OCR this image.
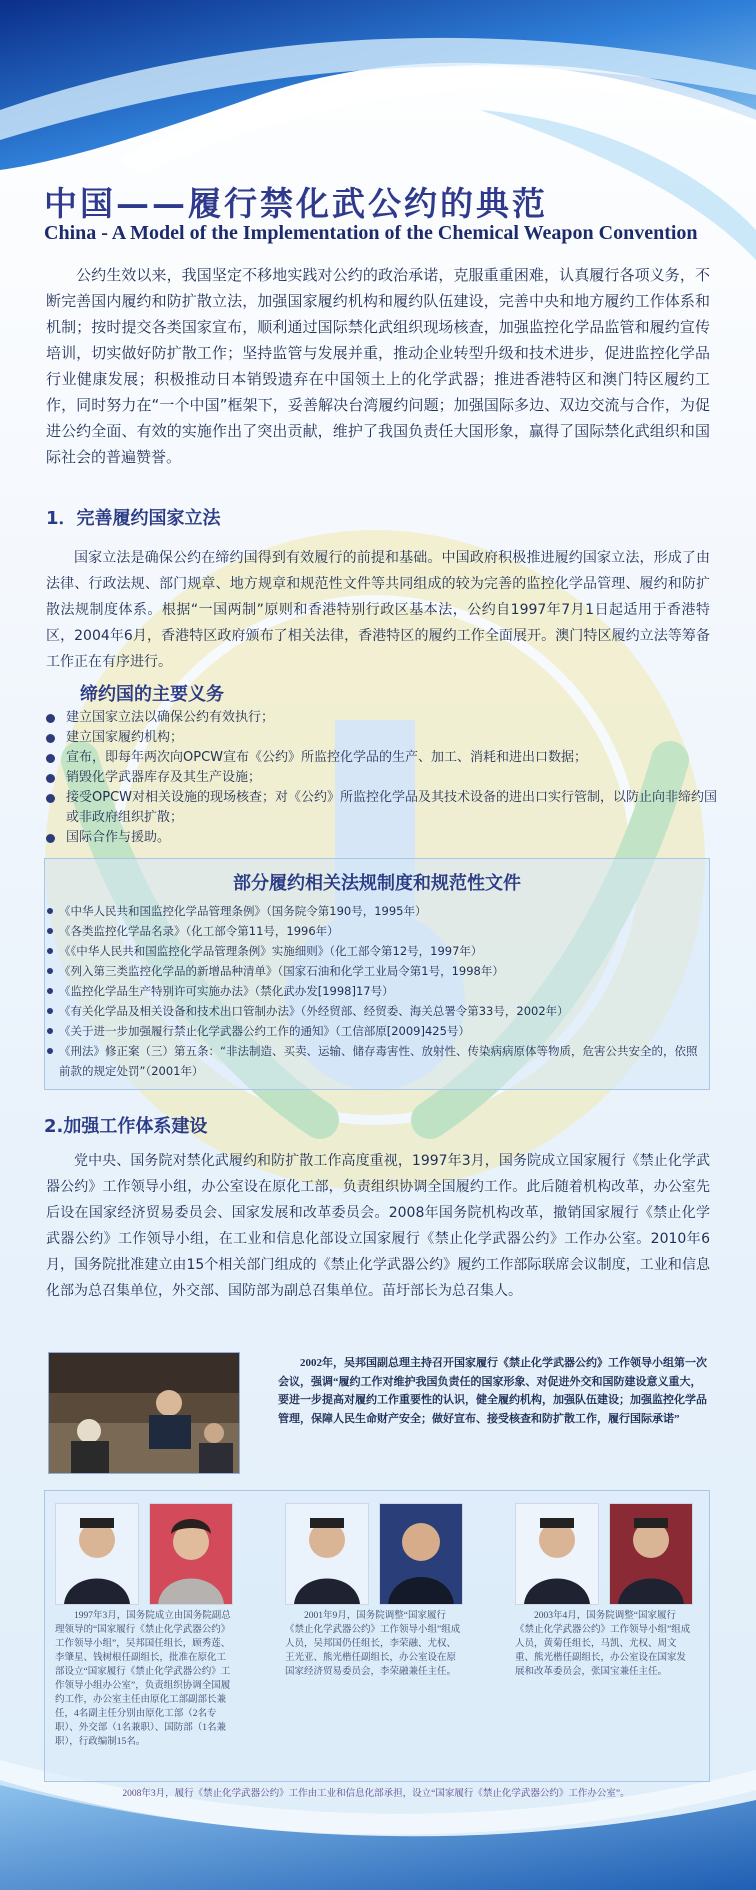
中国——履行禁化武公约的典范
China - A Model of the Implementation of the Chemical Weapon Convention
公约生效以来，我国坚定不移地实践对公约的政治承诺，克服重重困难，认真履行各项义务，不断完善国内履约和防扩散立法，加强国家履约机构和履约队伍建设，完善中央和地方履约工作体系和机制；按时提交各类国家宣布，顺利通过国际禁化武组织现场核查，加强监控化学品监管和履约宣传培训，切实做好防扩散工作；坚持监管与发展并重，推动企业转型升级和技术进步，促进监控化学品行业健康发展；积极推动日本销毁遗弃在中国领土上的化学武器；推进香港特区和澳门特区履约工作，同时努力在“一个中国”框架下，妥善解决台湾履约问题；加强国际多边、双边交流与合作，为促进公约全面、有效的实施作出了突出贡献，维护了我国负责任大国形象，赢得了国际禁化武组织和国际社会的普遍赞誉。
1．完善履约国家立法
国家立法是确保公约在缔约国得到有效履行的前提和基础。中国政府积极推进履约国家立法，形成了由法律、行政法规、部门规章、地方规章和规范性文件等共同组成的较为完善的监控化学品管理、履约和防扩散法规制度体系。根据“一国两制”原则和香港特别行政区基本法，公约自1997年7月1日起适用于香港特区，2004年6月，香港特区政府颁布了相关法律，香港特区的履约工作全面展开。澳门特区履约立法等筹备工作正在有序进行。
缔约国的主要义务
建立国家立法以确保公约有效执行；
建立国家履约机构；
宣布，即每年两次向OPCW宣布《公约》所监控化学品的生产、加工、消耗和进出口数据；
销毁化学武器库存及其生产设施；
接受OPCW对相关设施的现场核查；对《公约》所监控化学品及其技术设备的进出口实行管制，以防止向非缔约国或非政府组织扩散；
国际合作与援助。
部分履约相关法规制度和规范性文件
《中华人民共和国监控化学品管理条例》（国务院令第190号，1995年）
《各类监控化学品名录》（化工部令第11号，1996年）
《《中华人民共和国监控化学品管理条例》实施细则》（化工部令第12号，1997年）
《列入第三类监控化学品的新增品种清单》（国家石油和化学工业局令第1号，1998年）
《监控化学品生产特别许可实施办法》（禁化武办发[1998]17号）
《有关化学品及相关设备和技术出口管制办法》（外经贸部、经贸委、海关总署令第33号，2002年）
《关于进一步加强履行禁止化学武器公约工作的通知》（工信部原[2009]425号）
《刑法》修正案（三）第五条：“非法制造、买卖、运输、储存毒害性、放射性、传染病病原体等物质，危害公共安全的，依照前款的规定处罚”（2001年）
2.加强工作体系建设
党中央、国务院对禁化武履约和防扩散工作高度重视，1997年3月，国务院成立国家履行《禁止化学武器公约》工作领导小组，办公室设在原化工部，负责组织协调全国履约工作。此后随着机构改革，办公室先后设在国家经济贸易委员会、国家发展和改革委员会。2008年国务院机构改革，撤销国家履行《禁止化学武器公约》工作领导小组，在工业和信息化部设立国家履行《禁止化学武器公约》工作办公室。2010年6月，国务院批准建立由15个相关部门组成的《禁止化学武器公约》履约工作部际联席会议制度，工业和信息化部为总召集单位，外交部、国防部为副总召集单位。苗圩部长为总召集人。
2002年，吴邦国副总理主持召开国家履行《禁止化学武器公约》工作领导小组第一次会议，强调“履约工作对维护我国负责任的国家形象、对促进外交和国防建设意义重大，要进一步提高对履约工作重要性的认识，健全履约机构，加强队伍建设；加强监控化学品管理，保障人民生命财产安全；做好宣布、接受核查和防扩散工作，履行国际承诺”
1997年3月，国务院成立由国务院副总理领导的“国家履行《禁止化学武器公约》工作领导小组”，吴邦国任组长，顾秀莲、李肇星、钱树根任副组长，批准在原化工部设立“国家履行《禁止化学武器公约》工作领导小组办公室”，负责组织协调全国履约工作，办公室主任由原化工部副部长兼任，4名副主任分别由原化工部（2名专职）、外交部（1名兼职）、国防部（1名兼职），行政编制15名。
2001年9月，国务院调整“国家履行《禁止化学武器公约》工作领导小组”组成人员，吴邦国仍任组长，李荣融、尤权、王光亚、熊光楷任副组长，办公室设在原国家经济贸易委员会，李荣融兼任主任。
2003年4月，国务院调整“国家履行《禁止化学武器公约》工作领导小组”组成人员，黄菊任组长，马凯、尤权、周文重、熊光楷任副组长，办公室设在国家发展和改革委员会，张国宝兼任主任。
2008年3月，履行《禁止化学武器公约》工作由工业和信息化部承担，设立“国家履行《禁止化学武器公约》工作办公室”。
